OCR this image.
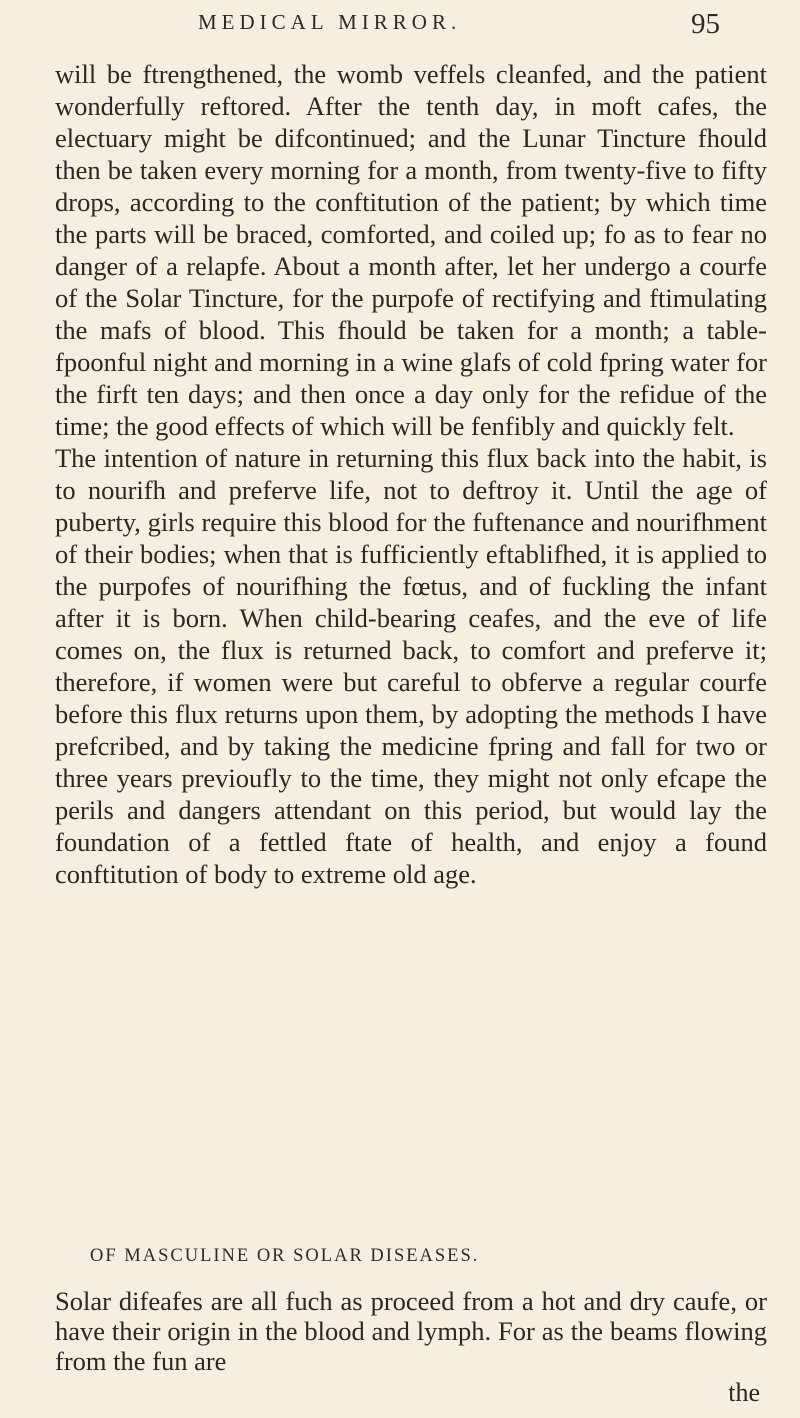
MEDICAL MIRROR.	95

will be ftrengthened, the womb veffels cleanfed, and the patient wonderfully reftored. After the tenth day, in moft cafes, the electuary might be difcontinued; and the Lunar Tincture fhould then be taken every morning for a month, from twenty-five to fifty drops, according to the conftitution of the patient; by which time the parts will be braced, comforted, and coiled up; fo as to fear no danger of a relapfe. About a month after, let her undergo a courfe of the Solar Tincture, for the purpofe of rectifying and ftimulating the mafs of blood. This fhould be taken for a month; a table-fpoonful night and morning in a wine glafs of cold fpring water for the firft ten days; and then once a day only for the refidue of the time; the good effects of which will be fenfibly and quickly felt.

The intention of nature in returning this flux back into the habit, is to nourifh and preferve life, not to deftroy it. Until the age of puberty, girls require this blood for the fuftenance and nourifhment of their bodies; when that is fufficiently eftablifhed, it is applied to the purpofes of nourifhing the fœtus, and of fuckling the infant after it is born. When child-bearing ceafes, and the eve of life comes on, the flux is returned back, to comfort and preferve it; therefore, if women were but careful to obferve a regular courfe before this flux returns upon them, by adopting the methods I have prefcribed, and by taking the medicine fpring and fall for two or three years previoufly to the time, they might not only efcape the perils and dangers attendant on this period, but would lay the foundation of a fettled ftate of health, and enjoy a found conftitution of body to extreme old age.

OF MASCULINE OR SOLAR DISEASES.
Solar difeafes are all fuch as proceed from a hot and dry caufe, or have their origin in the blood and lymph. For as the beams flowing from the fun are
the
